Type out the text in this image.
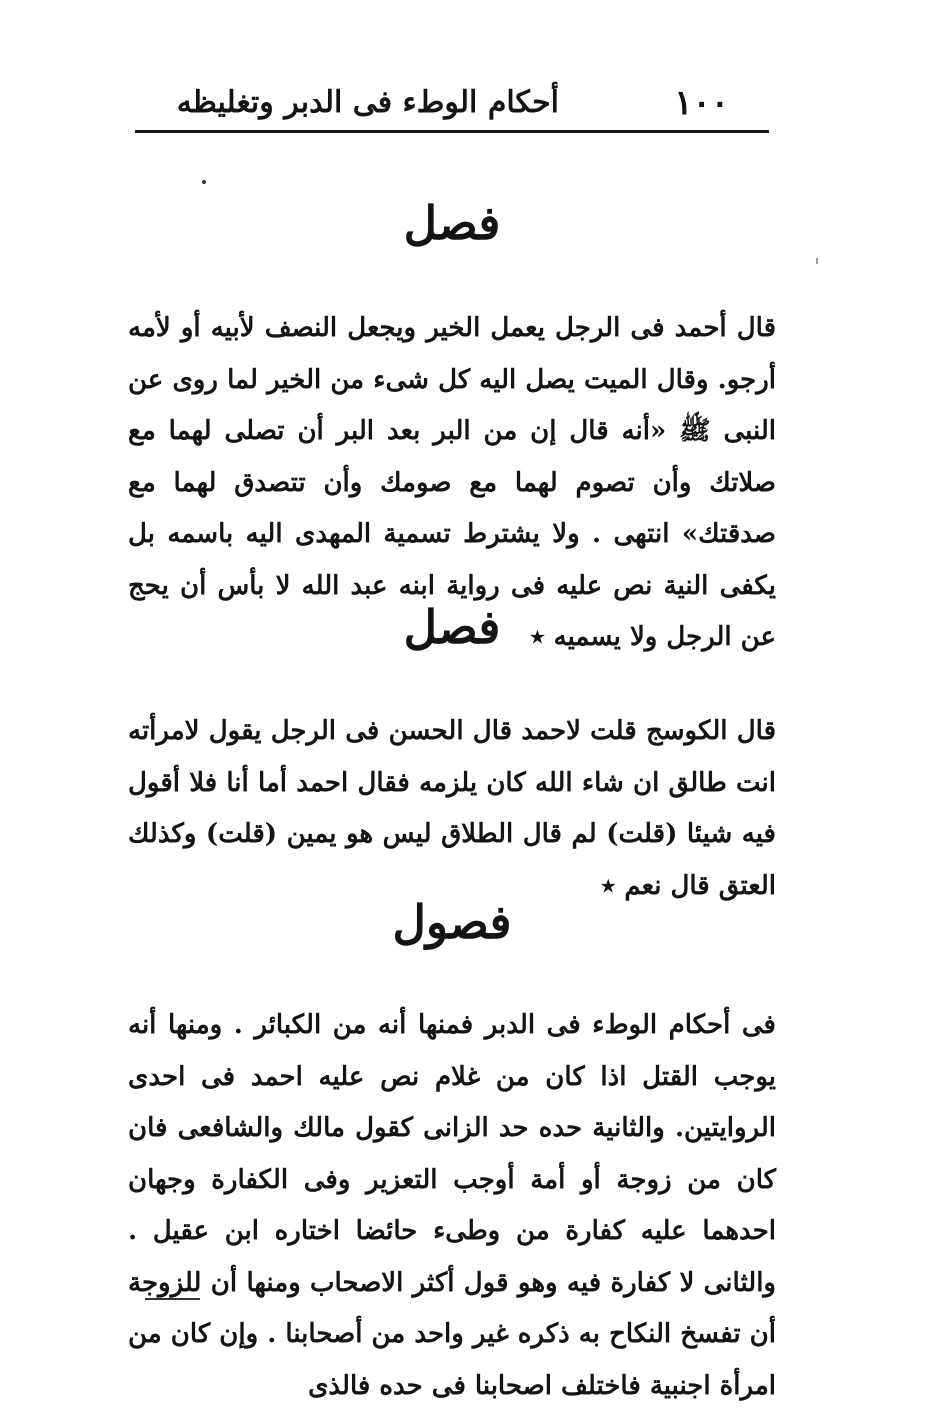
١٠٠
أحكام الوطء فى الدبر وتغليظه
فصل
قال أحمد فى الرجل يعمل الخير ويجعل النصف لأبيه أو لأمه أرجو. وقال الميت يصل اليه كل شىء من الخير لما روى عن النبى ﷺ «أنه قال إن من البر بعد البر أن تصلى لهما مع صلاتك وأن تصوم لهما مع صومك وأن تتصدق لهما مع صدقتك» انتهى . ولا يشترط تسمية المهدى اليه باسمه بل يكفى النية نص عليه فى رواية ابنه عبد الله لا بأس أن يحج عن الرجل ولا يسميه ٭
فصل
قال الكوسج قلت لاحمد قال الحسن فى الرجل يقول لامرأته انت طالق ان شاء الله كان يلزمه فقال احمد أما أنا فلا أقول فيه شيئا (قلت) لم قال الطلاق ليس هو يمين (قلت) وكذلك العتق قال نعم ٭
فصول
فى أحكام الوطء فى الدبر فمنها أنه من الكبائر . ومنها أنه يوجب القتل اذا كان من غلام نص عليه احمد فى احدى الروايتين. والثانية حده حد الزانى كقول مالك والشافعى فان كان من زوجة أو أمة أوجب التعزير وفى الكفارة وجهان احدهما عليه كفارة من وطىء حائضا اختاره ابن عقيل . والثانى لا كفارة فيه وهو قول أكثر الاصحاب ومنها أن للزوجة أن تفسخ النكاح به ذكره غير واحد من أصحابنا . وإن كان من امرأة اجنبية فاختلف اصحابنا فى حده فالذى
